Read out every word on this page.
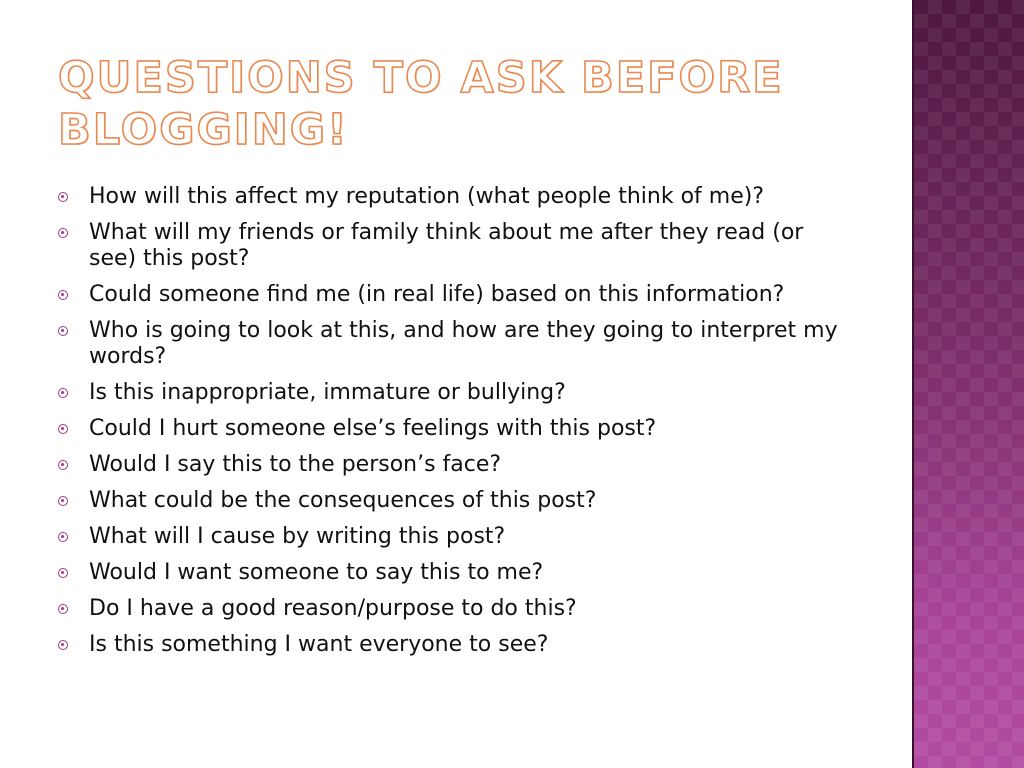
QUESTIONS TO ASK BEFORE BLOGGING!
How will this affect my reputation (what people think of me)?
What will my friends or family think about me after they read (or see) this post?
Could someone find me (in real life) based on this information?
Who is going to look at this, and how are they going to interpret my words?
Is this inappropriate, immature or bullying?
Could I hurt someone else’s feelings with this post?
Would I say this to the person’s face?
What could be the consequences of this post?
What will I cause by writing this post?
Would I want someone to say this to me?
Do I have a good reason/purpose to do this?
Is this something I want everyone to see?
